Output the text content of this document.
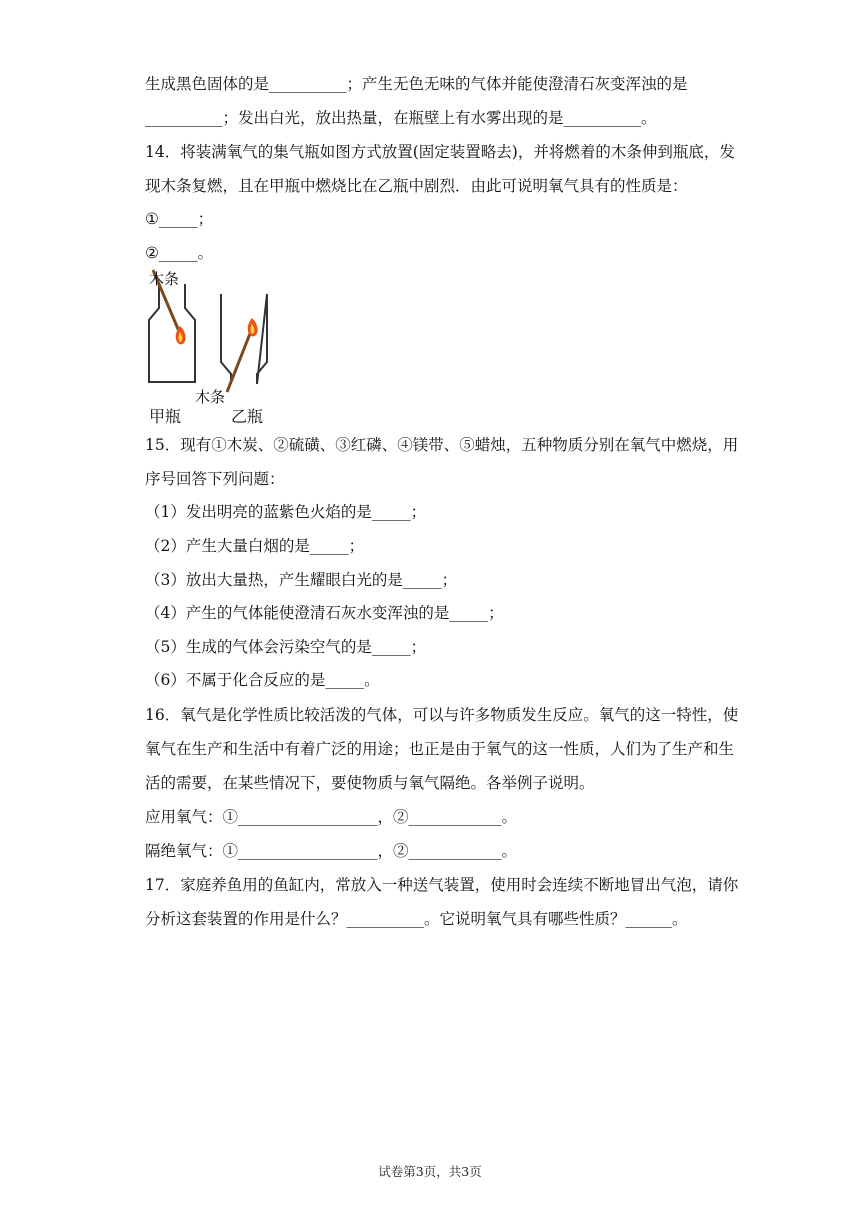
生成黑色固体的是__________；产生无色无味的气体并能使澄清石灰变浑浊的是
__________；发出白光，放出热量，在瓶壁上有水雾出现的是__________。
14．将装满氧气的集气瓶如图方式放置(固定装置略去)，并将燃着的木条伸到瓶底，发
现木条复燃，且在甲瓶中燃烧比在乙瓶中剧烈．由此可说明氧气具有的性质是：
①_____；
②_____。
木条
木条
甲瓶	乙瓶
15．现有①木炭、②硫磺、③红磷、④镁带、⑤蜡烛，五种物质分别在氧气中燃烧，用
序号回答下列问题：
（1）发出明亮的蓝紫色火焰的是_____；
（2）产生大量白烟的是_____；
（3）放出大量热，产生耀眼白光的是_____；
（4）产生的气体能使澄清石灰水变浑浊的是_____；
（5）生成的气体会污染空气的是_____；
（6）不属于化合反应的是_____。
16．氧气是化学性质比较活泼的气体，可以与许多物质发生反应。氧气的这一特性，使
氧气在生产和生活中有着广泛的用途；也正是由于氧气的这一性质，人们为了生产和生
活的需要，在某些情况下，要使物质与氧气隔绝。各举例子说明。
应用氧气：①__________________，②____________。
隔绝氧气：①__________________，②____________。
17．家庭养鱼用的鱼缸内，常放入一种送气装置，使用时会连续不断地冒出气泡，请你
分析这套装置的作用是什么？__________。它说明氧气具有哪些性质？______。
试卷第3页，共3页
